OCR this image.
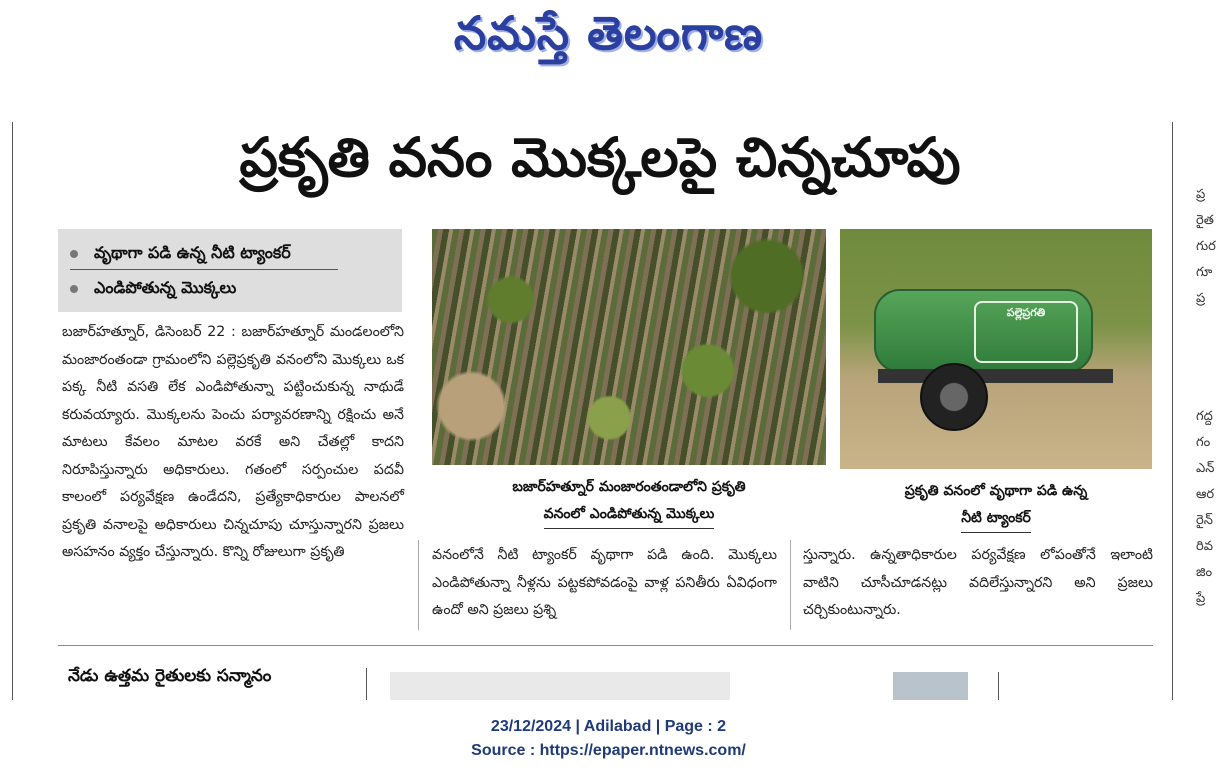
నమస్తే తెలంగాణ
ప్రకృతి వనం మొక్కలపై చిన్నచూపు
వృథాగా పడి ఉన్న నీటి ట్యాంకర్
ఎండిపోతున్న మొక్కలు
బజార్‌హత్నూర్, డిసెంబర్ 22 : బజార్‌హత్నూర్ మండలంలోని మంజారంతండా గ్రామంలోని పల్లెప్రకృతి వనంలోని మొక్కలు ఒక పక్క నీటి వసతి లేక ఎండిపోతున్నా పట్టించుకున్న నాథుడే కరువయ్యారు. మొక్కలను పెంచు పర్యావరణాన్ని రక్షించు అనే మాటలు కేవలం మాటల వరకే అని చేతల్లో కాదని నిరూపిస్తున్నారు అధికారులు. గతంలో సర్పంచుల పదవీ కాలంలో పర్యవేక్షణ ఉండేదని, ప్రత్యేకాధికారుల పాలనలో ప్రకృతి వనాలపై అధికారులు చిన్నచూపు చూస్తున్నారని ప్రజలు అసహనం వ్యక్తం చేస్తున్నారు. కొన్ని రోజులుగా ప్రకృతి
పల్లెప్రగతి
బజార్‌హత్నూర్ మంజారంతండాలోని ప్రకృతి
వనంలో ఎండిపోతున్న మొక్కలు
ప్రకృతి వనంలో వృథాగా పడి ఉన్న
నీటి ట్యాంకర్
వనంలోనే నీటి ట్యాంకర్ వృథాగా పడి ఉంది. మొక్కలు ఎండిపోతున్నా నీళ్లను పట్టకపోవడంపై వాళ్ల పనితీరు ఏవిధంగా ఉందో అని ప్రజలు ప్రశ్ని
స్తున్నారు. ఉన్నతాధికారుల పర్యవేక్షణ లోపంతోనే ఇలాంటి వాటిని చూసీచూడనట్లు వదిలేస్తున్నారని అని ప్రజలు చర్చికుంటున్నారు.
నేడు ఉత్తమ రైతులకు సన్మానం
ప్ర
రైత
గుర
గూ
ప్ర
గద్ద
గం
ఎన్
ఆర
రైన్
రివ
జిం
ప్రే
23/12/2024 | Adilabad | Page : 2
Source : https://epaper.ntnews.com/
